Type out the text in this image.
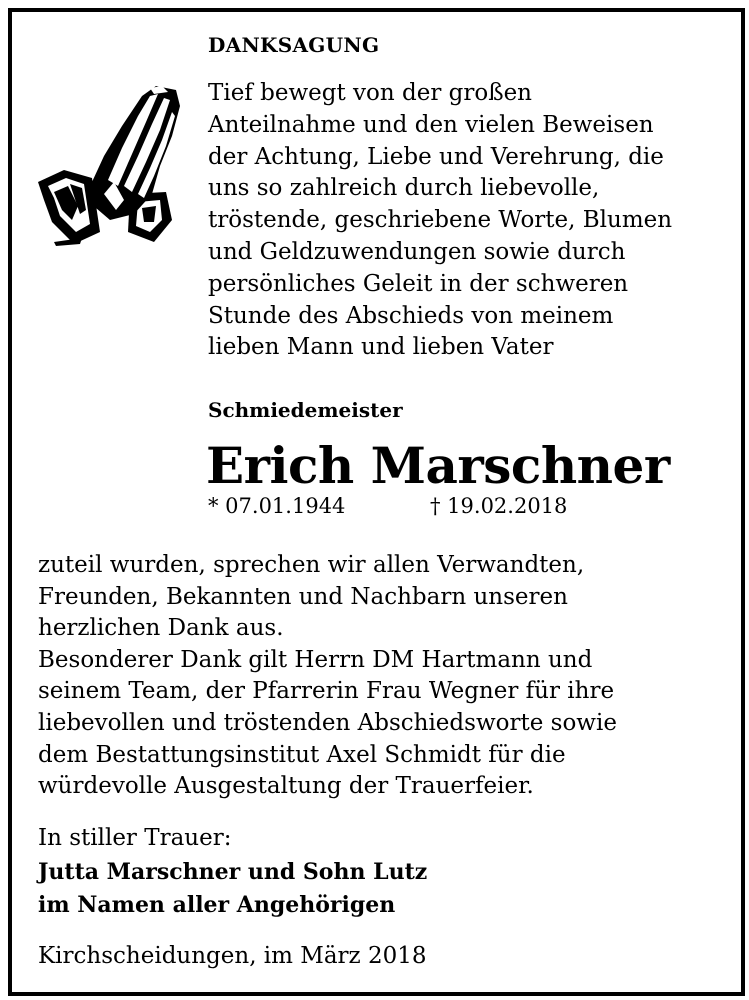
DANKSAGUNG
Tief bewegt von der großen
Anteilnahme und den vielen Beweisen
der Achtung, Liebe und Verehrung, die
uns so zahlreich durch liebevolle,
tröstende, geschriebene Worte, Blumen
und Geldzuwendungen sowie durch
persönliches Geleit in der schweren
Stunde des Abschieds von meinem
lieben Mann und lieben Vater
Schmiedemeister
Erich Marschner
* 07.01.1944	† 19.02.2018
zuteil wurden, sprechen wir allen Verwandten,
Freunden, Bekannten und Nachbarn unseren
herzlichen Dank aus.
Besonderer Dank gilt Herrn DM Hartmann und
seinem Team, der Pfarrerin Frau Wegner für ihre
liebevollen und tröstenden Abschiedsworte sowie
dem Bestattungsinstitut Axel Schmidt für die
würdevolle Ausgestaltung der Trauerfeier.
In stiller Trauer:
Jutta Marschner und Sohn Lutz
im Namen aller Angehörigen
Kirchscheidungen, im März 2018
